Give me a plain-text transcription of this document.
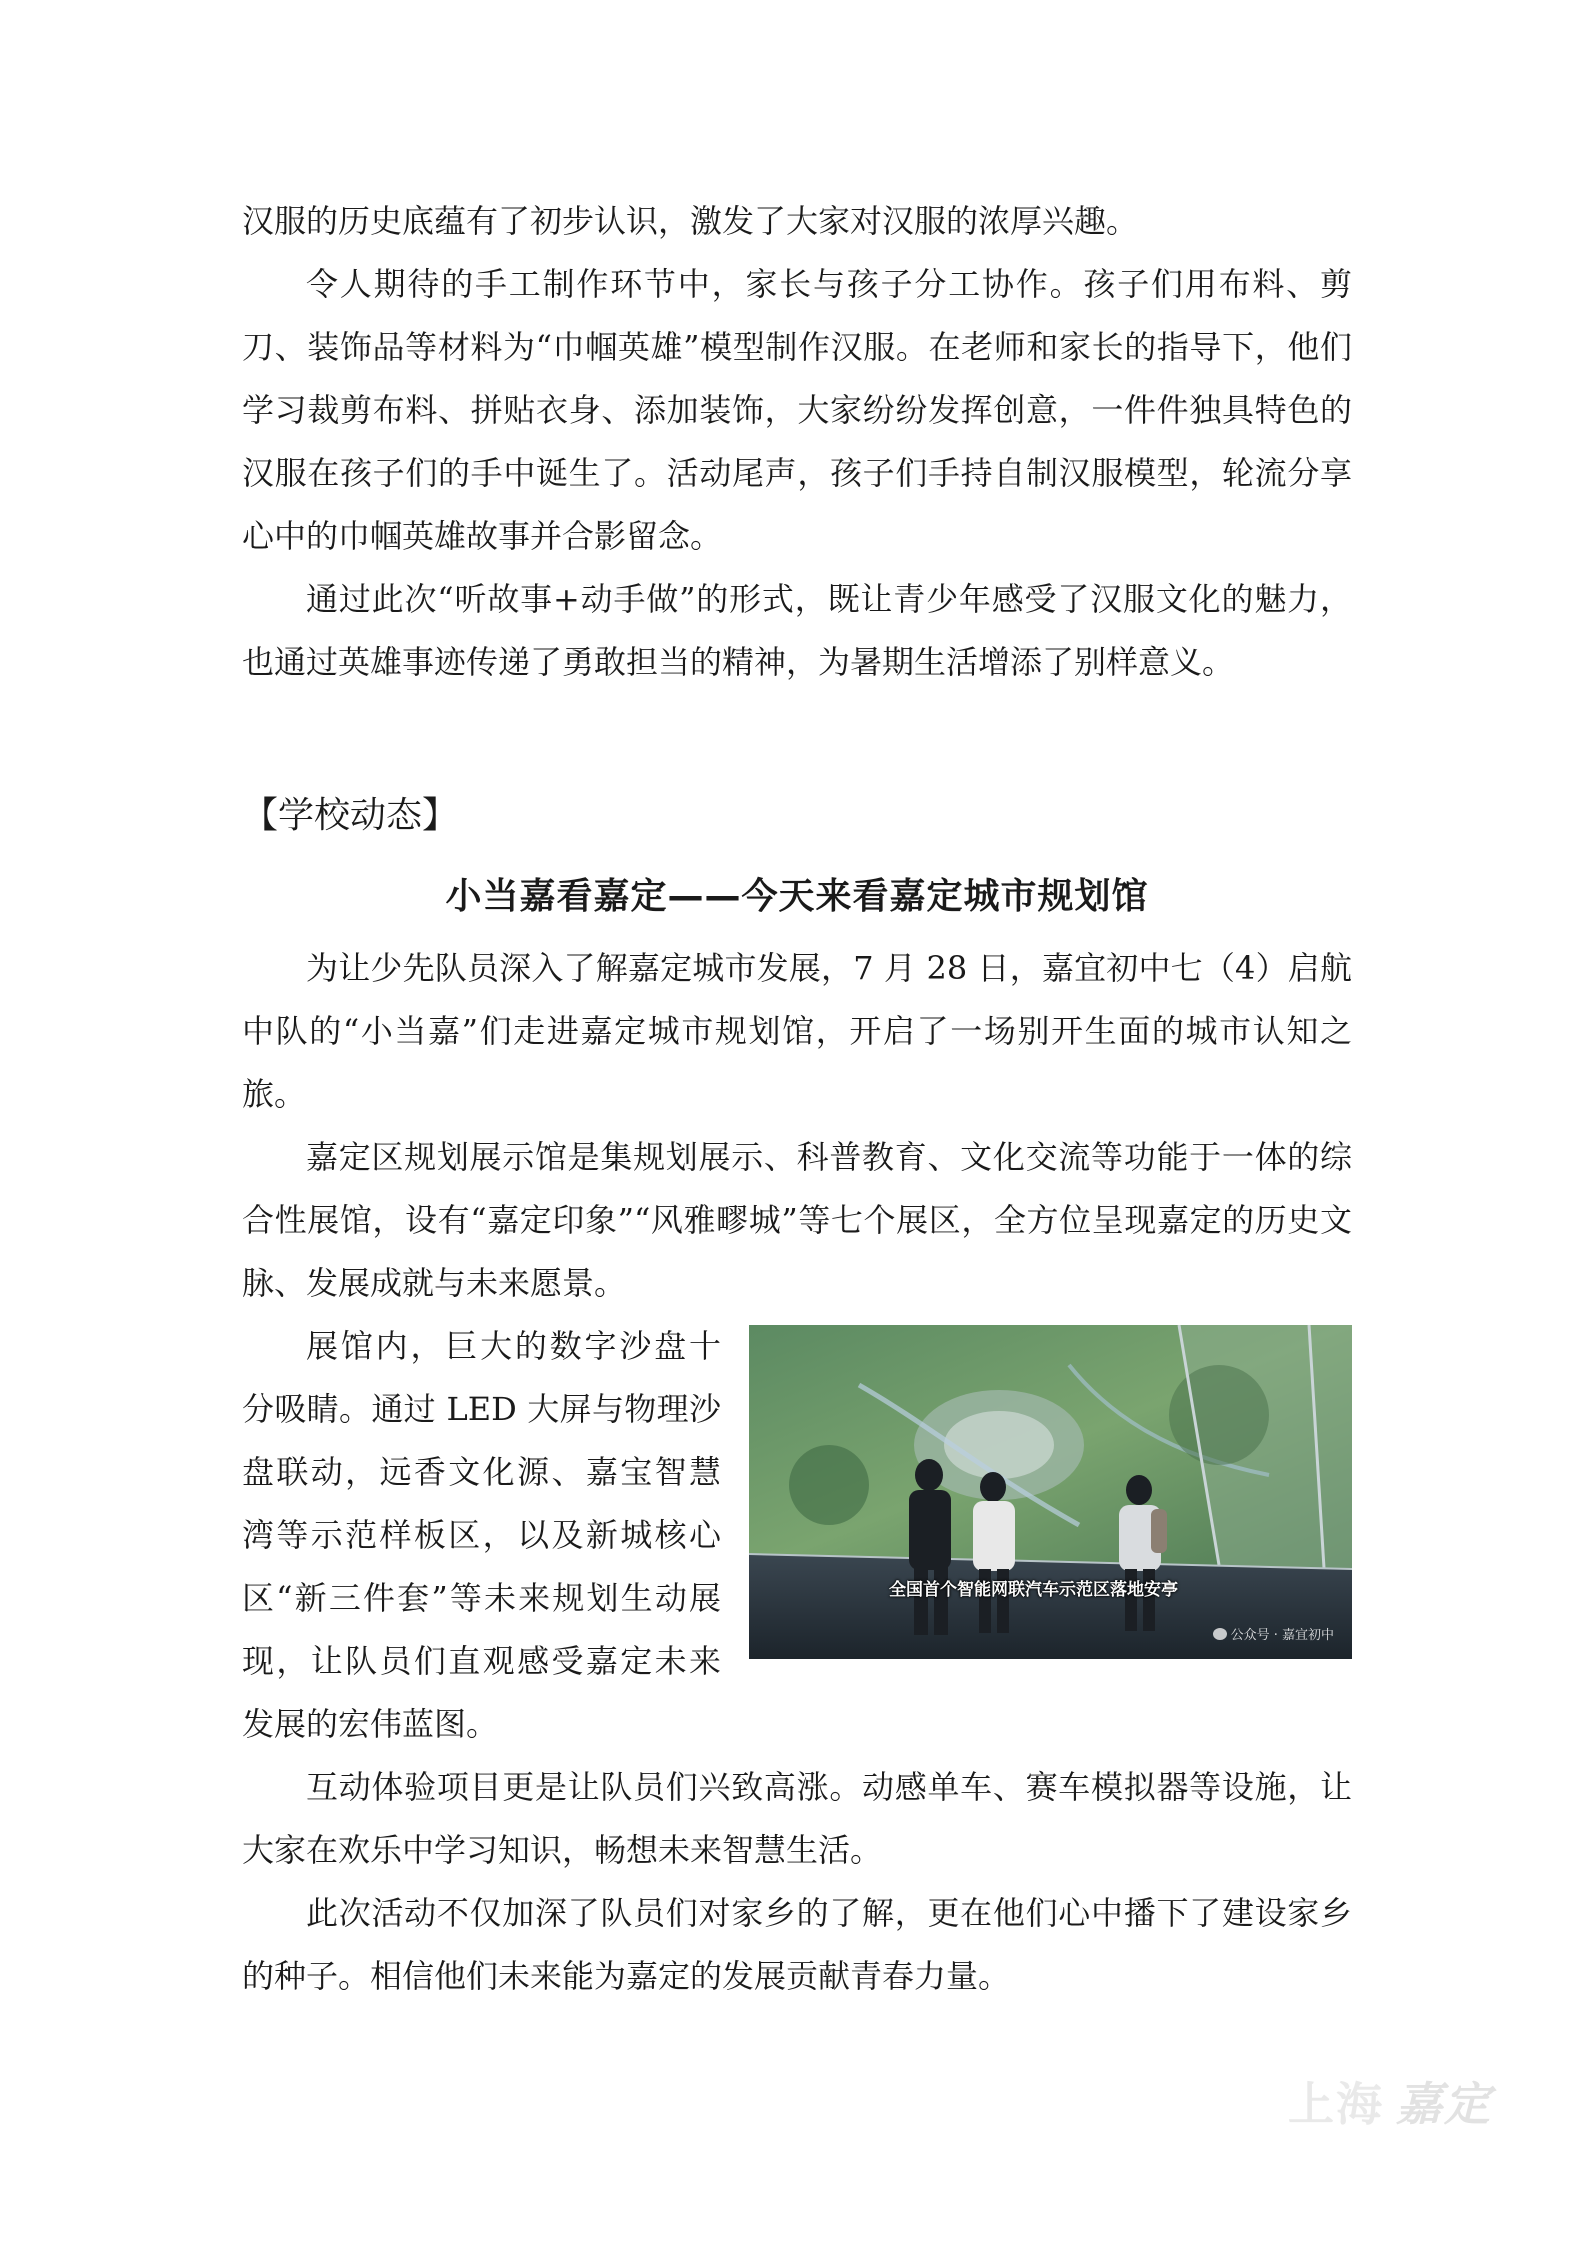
汉服的历史底蕴有了初步认识，激发了大家对汉服的浓厚兴趣。

令人期待的手工制作环节中，家长与孩子分工协作。孩子们用布料、剪刀、装饰品等材料为“巾帼英雄”模型制作汉服。在老师和家长的指导下，他们学习裁剪布料、拼贴衣身、添加装饰，大家纷纷发挥创意，一件件独具特色的汉服在孩子们的手中诞生了。活动尾声，孩子们手持自制汉服模型，轮流分享心中的巾帼英雄故事并合影留念。

通过此次“听故事+动手做”的形式，既让青少年感受了汉服文化的魅力，也通过英雄事迹传递了勇敢担当的精神，为暑期生活增添了别样意义。

【学校动态】
小当嘉看嘉定——今天来看嘉定城市规划馆

为让少先队员深入了解嘉定城市发展，7 月 28 日，嘉宜初中七（4）启航中队的“小当嘉”们走进嘉定城市规划馆，开启了一场别开生面的城市认知之旅。

嘉定区规划展示馆是集规划展示、科普教育、文化交流等功能于一体的综合性展馆，设有“嘉定印象”“风雅疁城”等七个展区，全方位呈现嘉定的历史文脉、发展成就与未来愿景。

全国首个智能网联汽车示范区落地安亭
公众号 · 嘉宜初中

展馆内，巨大的数字沙盘十分吸睛。通过 LED 大屏与物理沙盘联动，远香文化源、嘉宝智慧湾等示范样板区，以及新城核心区“新三件套”等未来规划生动展现，让队员们直观感受嘉定未来发展的宏伟蓝图。

互动体验项目更是让队员们兴致高涨。动感单车、赛车模拟器等设施，让大家在欢乐中学习知识，畅想未来智慧生活。

此次活动不仅加深了队员们对家乡的了解，更在他们心中播下了建设家乡的种子。相信他们未来能为嘉定的发展贡献青春力量。

上海 嘉定
